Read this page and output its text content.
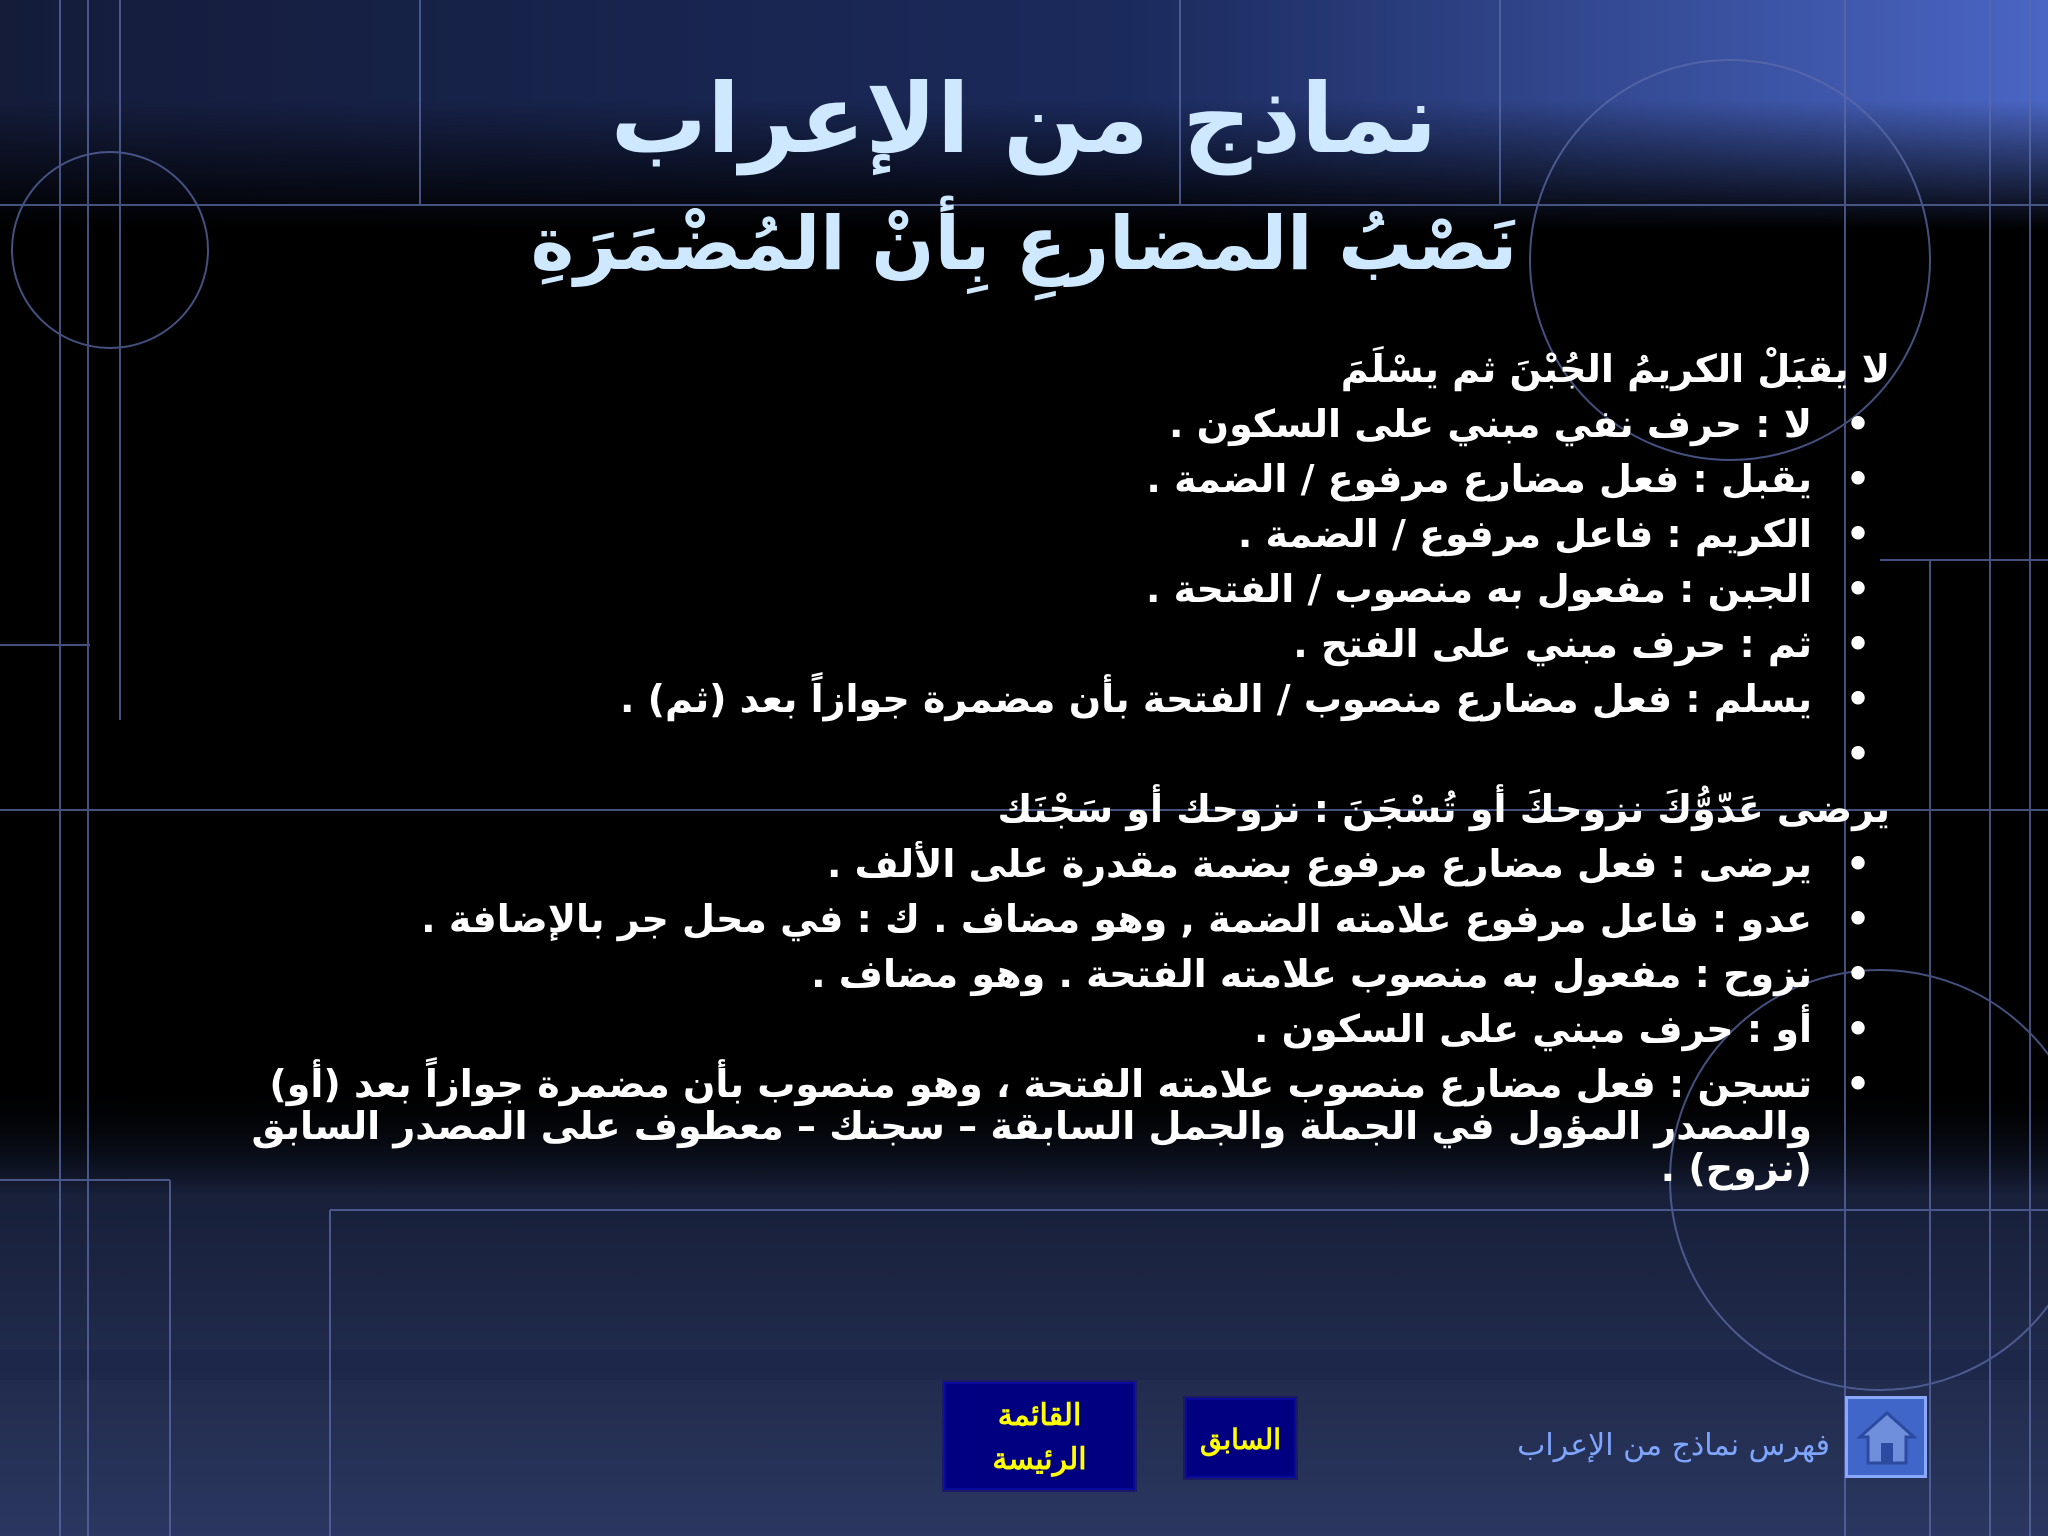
نماذج من الإعراب
نَصْبُ المضارعِ بِأنْ المُضْمَرَةِ
لا يقبَلْ الكريمُ الجُبْنَ ثم يسْلَمَ
•
لا : حرف نفي مبني على السكون .
•
يقبل : فعل مضارع مرفوع / الضمة .
•
الكريم : فاعل مرفوع / الضمة .
•
الجبن : مفعول به منصوب / الفتحة .
•
ثم : حرف مبني على الفتح .
•
يسلم : فعل مضارع منصوب / الفتحة بأن مضمرة جوازاً بعد (ثم) .
•

يرضى عَدّوُّكَ نزوحكَ أو تُسْجَنَ : نزوحك أو سَجْنَك
•
يرضى : فعل مضارع مرفوع بضمة مقدرة على الألف .
•
عدو : فاعل مرفوع علامته الضمة , وهو مضاف . ك : في محل جر بالإضافة .
•
نزوح : مفعول به منصوب علامته الفتحة . وهو مضاف .
•
أو : حرف مبني على السكون .
•
تسجن : فعل مضارع منصوب علامته الفتحة ، وهو منصوب بأن مضمرة جوازاً بعد (أو) والمصدر المؤول في الجملة والجمل السابقة – سجنك – معطوف على المصدر السابق (نزوح) .
القائمة
الرئيسة
السابق	فهرس نماذج من الإعراب
